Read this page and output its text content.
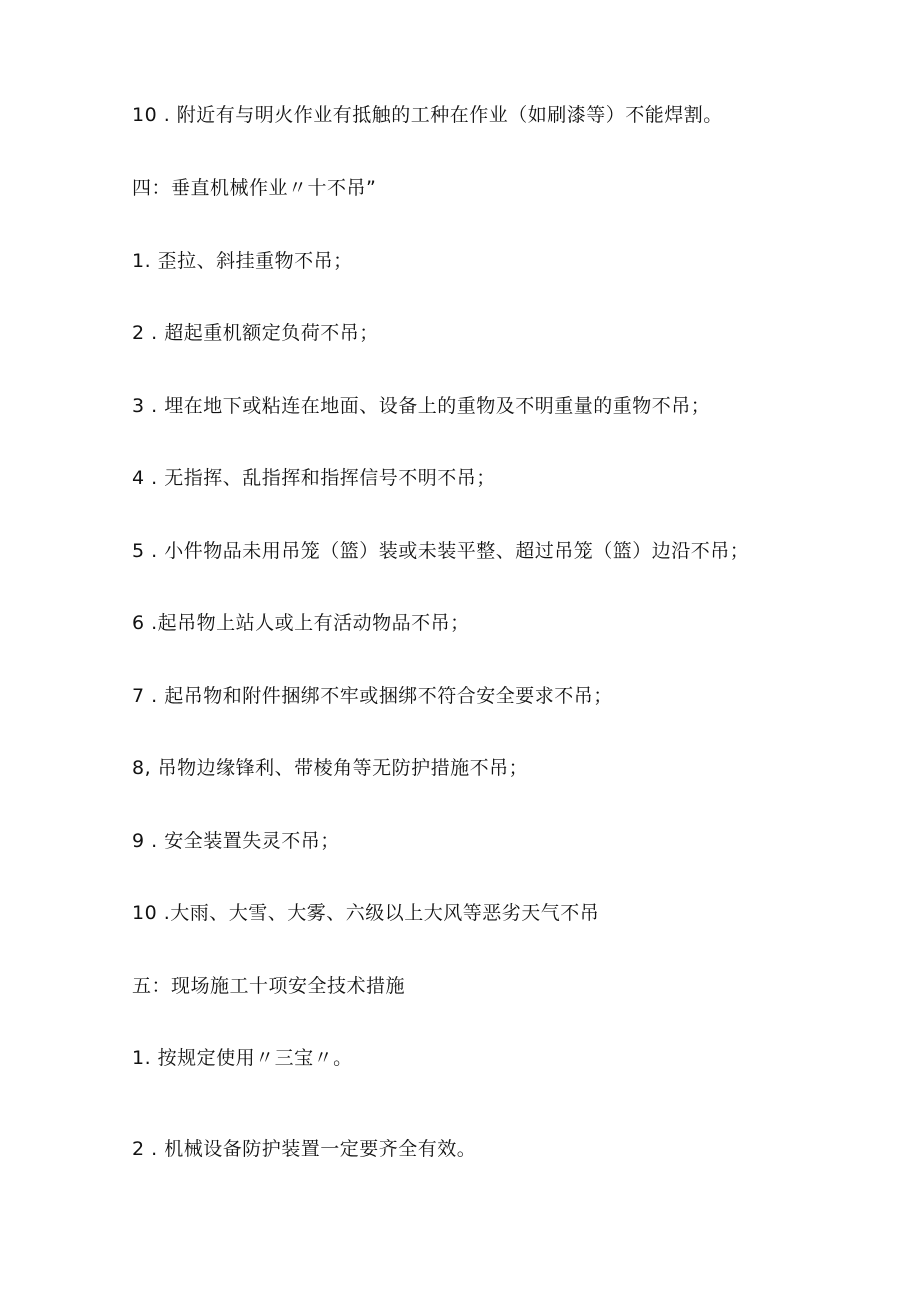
10 . 附近有与明火作业有抵触的工种在作业（如刷漆等）不能焊割。
四：垂直机械作业〃十不吊”
1. 歪拉、斜挂重物不吊；
2 . 超起重机额定负荷不吊；
3 . 埋在地下或粘连在地面、设备上的重物及不明重量的重物不吊；
4 . 无指挥、乱指挥和指挥信号不明不吊；
5 . 小件物品未用吊笼（篮）装或未装平整、超过吊笼（篮）边沿不吊；
6 .起吊物上站人或上有活动物品不吊；
7 . 起吊物和附件捆绑不牢或捆绑不符合安全要求不吊；
8, 吊物边缘锋利、带棱角等无防护措施不吊；
9 . 安全装置失灵不吊；
10 .大雨、大雪、大雾、六级以上大风等恶劣天气不吊
五：现场施工十项安全技术措施
1. 按规定使用〃三宝〃。
2 . 机械设备防护装置一定要齐全有效。
